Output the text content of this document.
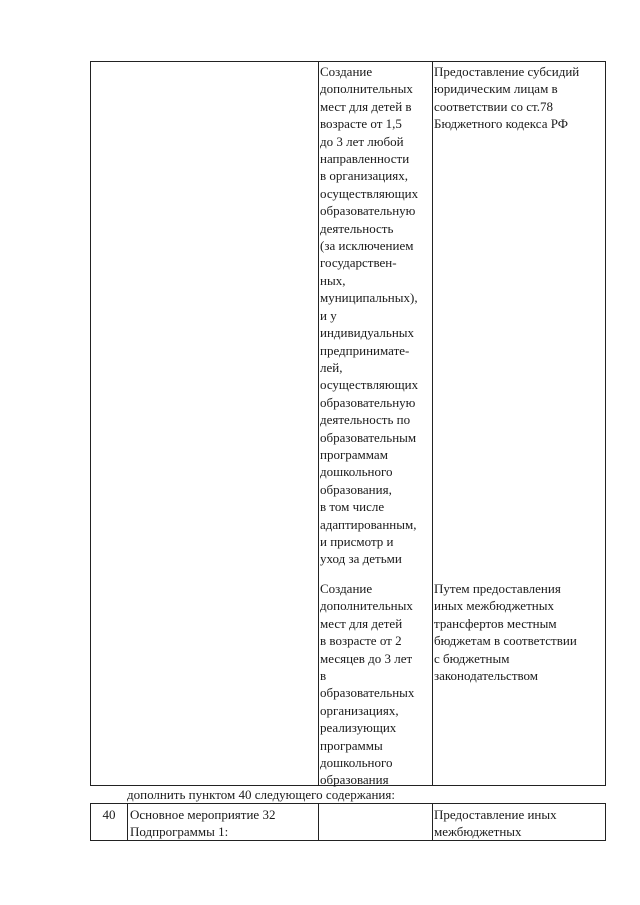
Создание
дополнительных
мест для детей в
возрасте от 1,5
до 3 лет любой
направленности
в организациях,
осуществляющих
образовательную
деятельность
(за исключением
государствен-
ных,
муниципальных),
и у
индивидуальных
предпринимате-
лей,
осуществляющих
образовательную
деятельность по
образовательным
программам
дошкольного
образования,
в том числе
адаптированным,
и присмотр и
уход за детьми
Предоставление субсидий
юридическим лицам в
соответствии со ст.78
Бюджетного кодекса РФ
Создание
дополнительных
мест для детей
в возрасте от 2
месяцев до 3 лет
в
образовательных
организациях,
реализующих
программы
дошкольного
образования
Путем предоставления
иных межбюджетных
трансфертов местным
бюджетам в соответствии
с бюджетным
законодательством
дополнить пунктом 40 следующего содержания:
40	Основное мероприятие 32
Подпрограммы 1:
Предоставление иных
межбюджетных
